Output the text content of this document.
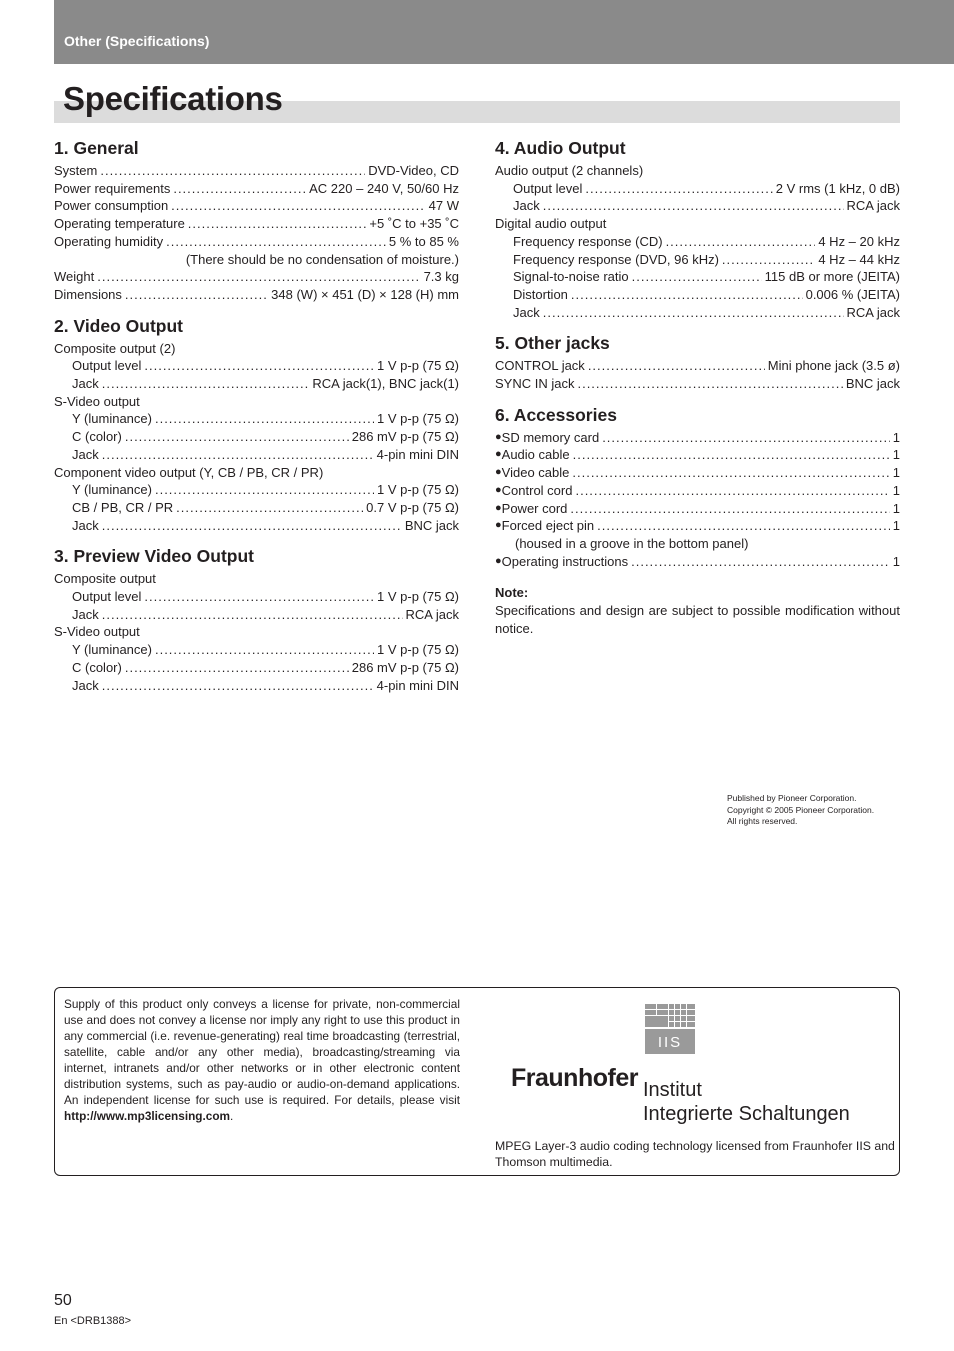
Other (Specifications)
Specifications
1. General
System .....	DVD-Video, CD
Power requirements .....	AC 220 – 240 V, 50/60 Hz
Power consumption .....	47 W
Operating temperature .....	+5 ˚C to +35 ˚C
Operating humidity .....	5 % to 85 %
(There should be no condensation of moisture.)
Weight .....	7.3 kg
Dimensions .....	348 (W) × 451 (D) × 128 (H) mm
2. Video Output
Composite output (2)
Output level .....	1 V p-p (75 Ω)
Jack .....	RCA jack(1), BNC jack(1)
S-Video output
Y (luminance) .....	1 V p-p (75 Ω)
C (color) .....	286 mV p-p (75 Ω)
Jack .....	4-pin mini DIN
Component video output (Y, CB / PB, CR / PR)
Y (luminance) .....	1 V p-p (75 Ω)
CB / PB, CR / PR .....	0.7 V p-p (75 Ω)
Jack .....	BNC jack
3. Preview Video Output
Composite output
Output level .....	1 V p-p (75 Ω)
Jack .....	RCA jack
S-Video output
Y (luminance) .....	1 V p-p (75 Ω)
C (color) .....	286 mV p-p (75 Ω)
Jack .....	4-pin mini DIN
4. Audio Output
Audio output (2 channels)
Output level .....	2 V rms (1 kHz, 0 dB)
Jack .....	RCA jack
Digital audio output
Frequency response (CD) .....	4 Hz – 20 kHz
Frequency response (DVD, 96 kHz) .....	4 Hz – 44 kHz
Signal-to-noise ratio .....	115 dB or more (JEITA)
Distortion .....	0.006 % (JEITA)
Jack .....	RCA jack
5. Other jacks
CONTROL jack .....	Mini phone jack (3.5 ø)
SYNC IN jack .....	BNC jack
6. Accessories
● SD memory card .....	1
● Audio cable .....	1
● Video cable .....	1
● Control cord .....	1
● Power cord .....	1
● Forced eject pin .....	1
(housed in a groove in the bottom panel)
● Operating instructions .....	1
Note:
Specifications and design are subject to possible modification without notice.
Published by Pioneer Corporation.
Copyright © 2005 Pioneer Corporation.
All rights reserved.
Supply of this product only conveys a license for private, non-commercial use and does not convey a license nor imply any right to use this product in any commercial (i.e. revenue-generating) real time broadcasting (terrestrial, satellite, cable and/or any other media), broadcasting/streaming via internet, intranets and/or other networks or in other electronic content distribution systems, such as pay-audio or audio-on-demand applications. An independent license for such use is required. For details, please visit http://www.mp3licensing.com.
IIS
Fraunhofer Institut
Integrierte Schaltungen
MPEG Layer-3 audio coding technology licensed from Fraunhofer IIS and Thomson multimedia.
50
En <DRB1388>
